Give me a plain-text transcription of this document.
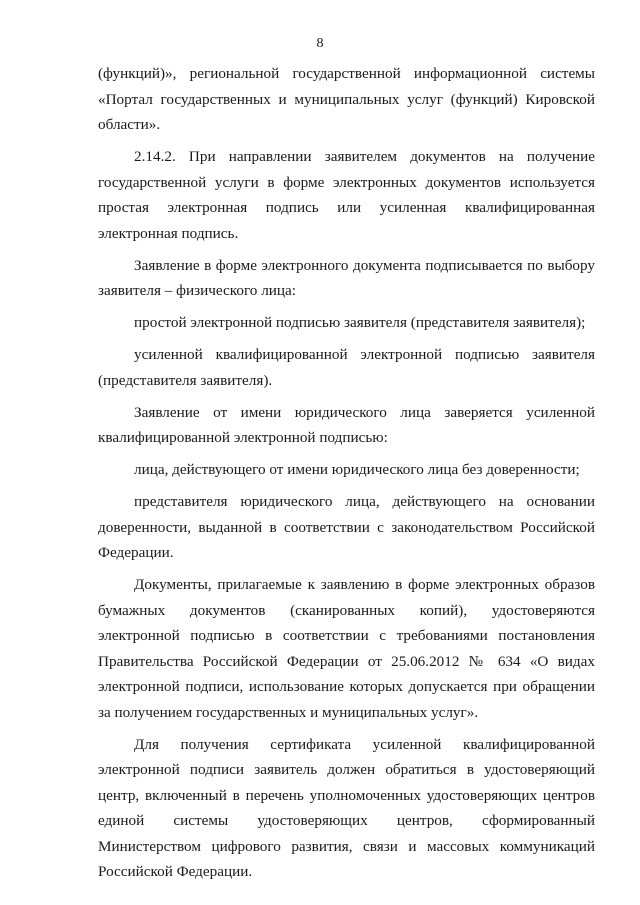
8

(функций)», региональной государственной информационной системы «Портал государственных и муниципальных услуг (функций) Кировской области».

2.14.2. При направлении заявителем документов на получение государственной услуги в форме электронных документов используется простая электронная подпись или усиленная квалифицированная электронная подпись.

Заявление в форме электронного документа подписывается по выбору заявителя – физического лица:

простой электронной подписью заявителя (представителя заявителя);

усиленной квалифицированной электронной подписью заявителя (представителя заявителя).

Заявление от имени юридического лица заверяется усиленной квалифицированной электронной подписью:

лица, действующего от имени юридического лица без доверенности;

представителя юридического лица, действующего на основании доверенности, выданной в соответствии с законодательством Российской Федерации.

Документы, прилагаемые к заявлению в форме электронных образов бумажных документов (сканированных копий), удостоверяются электронной подписью в соответствии с требованиями постановления Правительства Российской Федерации от 25.06.2012 № 634 «О видах электронной подписи, использование которых допускается при обращении за получением государственных и муниципальных услуг».

Для получения сертификата усиленной квалифицированной электронной подписи заявитель должен обратиться в удостоверяющий центр, включенный в перечень уполномоченных удостоверяющих центров единой системы удостоверяющих центров, сформированный Министерством цифрового развития, связи и массовых коммуникаций Российской Федерации.
